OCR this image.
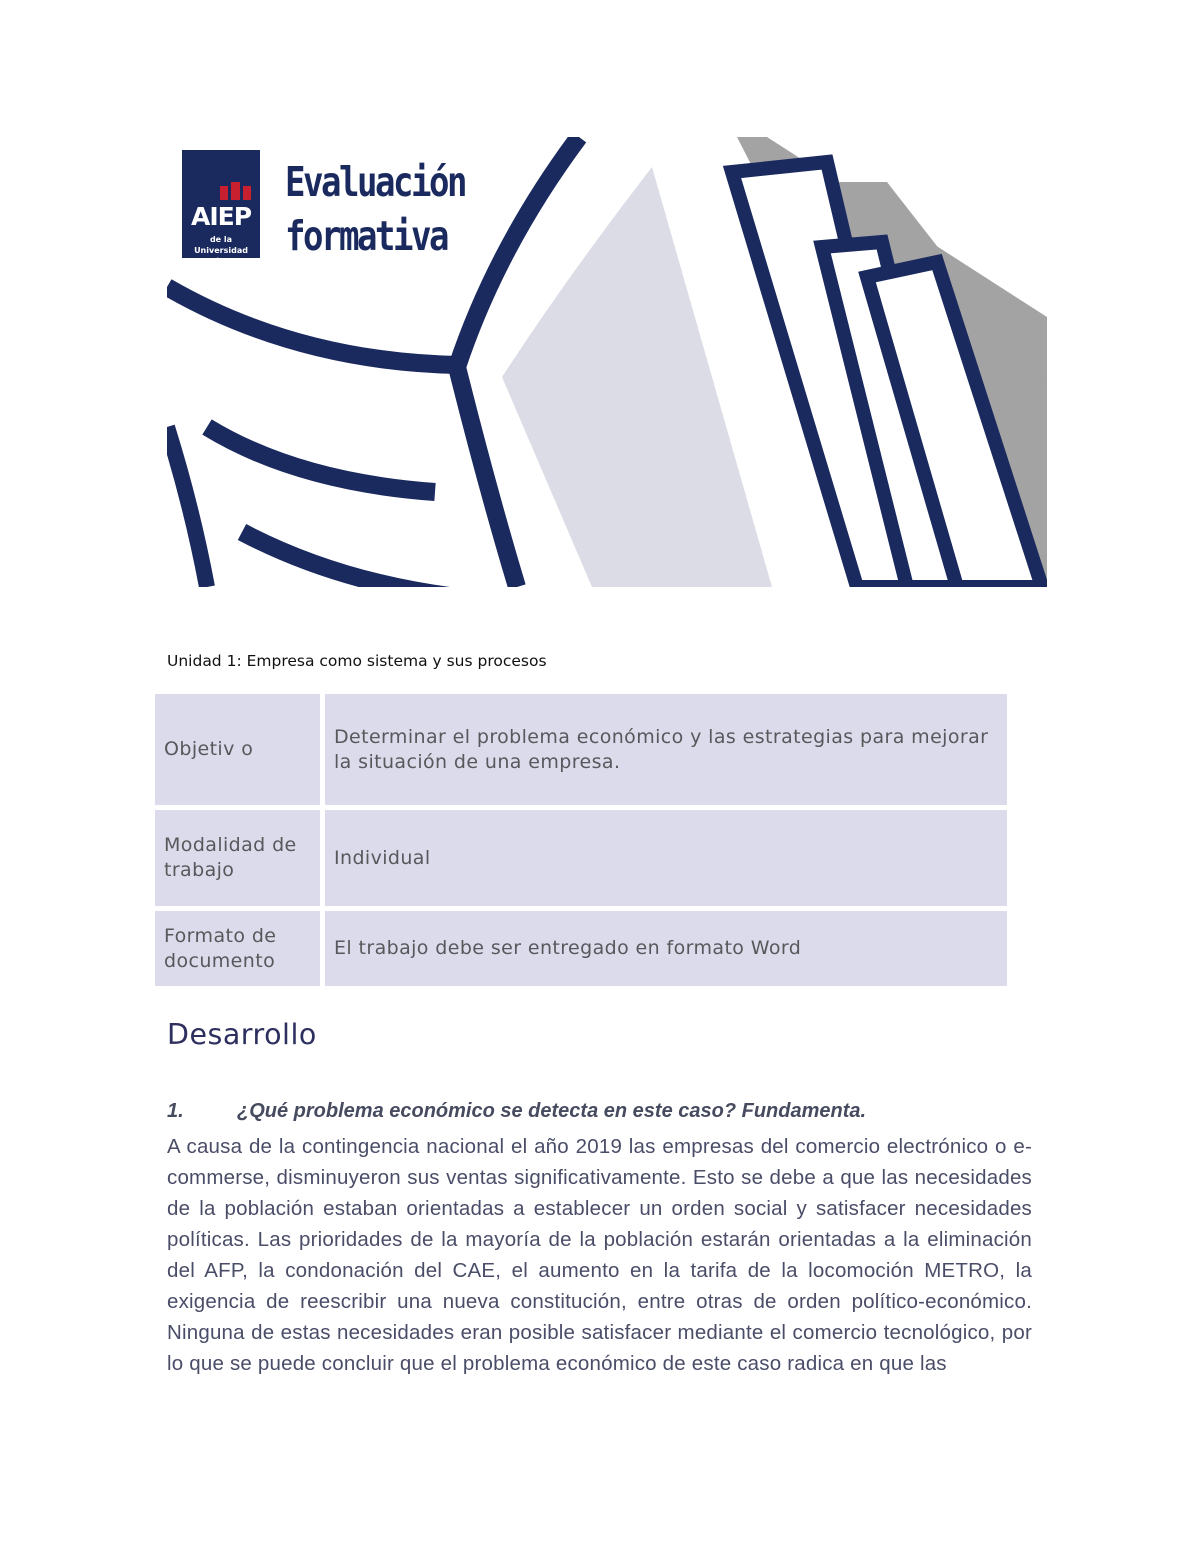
AIEP
de la Universidad
Andrés Bello
Evaluación
formativa
Unidad 1: Empresa como sistema y sus procesos
Objetiv o	Determinar el problema económico y las estrategias para mejorar la situación de una empresa.
Modalidad de trabajo	Individual
Formato de documento	El trabajo debe ser entregado en formato Word
Desarrollo
1.	¿Qué problema económico se detecta en este caso? Fundamenta.
A causa de la contingencia nacional el año 2019 las empresas del comercio electrónico o e-commerse, disminuyeron sus ventas significativamente. Esto se debe a que las necesidades de la población estaban orientadas a establecer un orden social y satisfacer necesidades políticas. Las prioridades de la mayoría de la población estarán orientadas a la eliminación del AFP, la condonación del CAE, el aumento en la tarifa de la locomoción METRO, la exigencia de reescribir una nueva constitución, entre otras de orden político-económico. Ninguna de estas necesidades eran posible satisfacer mediante el comercio tecnológico, por lo que se puede concluir que el problema económico de este caso radica en que las
